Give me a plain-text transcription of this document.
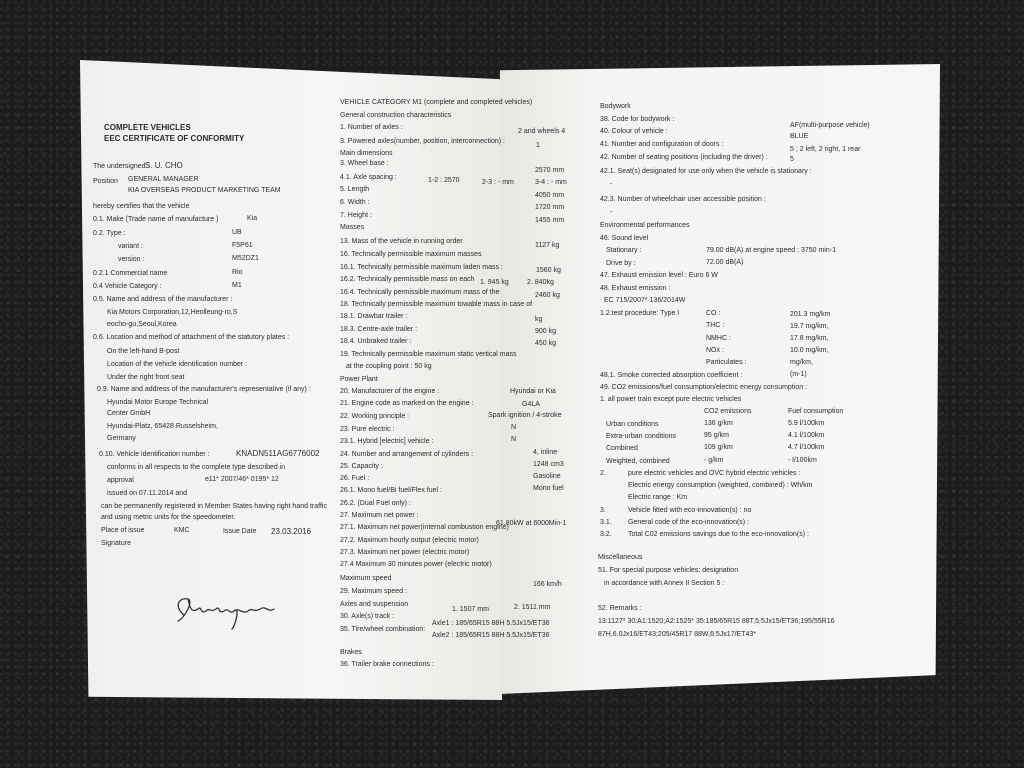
COMPLETE VEHICLES
EEC CERTIFICATE OF CONFORMITY
The undersigned S. U. CHO
Position GENERAL MANAGER
KIA OVERSEAS PRODUCT MARKETING TEAM
hereby certifies that the vehicle
0.1. Make (Trade name of manufacture )	Kia
0.2. Type :	UB
variant :	F5P61
version :	M52DZ1
0.2.1 Commercial name	Rio
0.4 Vehicle Category :	M1
0.5. Name and address of the manufacturer :
Kia Motors Corporation,12,Heolleung-ro,S
eocho-gu,Seoul,Korea
0.6. Location and method of attachment of the statutory plates :
On the left-hand B-post
Location of the vehicle identification number :
Under the right front seat
0.9. Name and address of the manufacturer's representative (if any) :
Hyundai Motor Europe Technical
Center GmbH
Hyundai-Platz, 65428 Russelsheim,
Germany
0.10. Vehicle identification number :	KNADN511AG6776002
conforms in all respects to the complete type described in
approval	e11* 2007/46* 0195* 12
issued on 07.11.2014 and
can be permanently registered in Member States having right hand traffic
and using metric units for the speedometer.
Place of issue	KMC	Issue Date 23.03.2016
Signature
VEHICLE CATEGORY M1 (complete and completed vehicles)
General construction characteristics
1. Number of axles :
2 and wheels 4
3. Powered axles(number, position, interconnection) :
1
Main dimensions
3. Wheel base :
2570 mm
4.1. Axle spacing :	1-2 : 2570	2-3 : - mm	3-4 : - mm
5. Length
4050 mm
6. Width :
1720 mm
7. Height :
1455 mm
Masses
13. Mass of the vehicle in running order
1127 kg
16. Technically permissible maximum masses
16.1. Technically permissible maximum laden mass :	1560 kg
16.2. Technically permissible mass on each 1. 945 kg	2. 840kg
16.4. Technically permissible maximum mass of the	2460 kg
18. Technically permissible maximum towable mass in case of
18.1. Drawbar trailer :	kg
18.3. Centre-axle trailer :	900 kg
18.4. Unbraked trailer :	450 kg
19. Technically permissible maximum static vertical mass
at the coupling point : 50 kg
Power Plant
20. Manufacturer of the engine :	Hyundai or Kia
21. Engine code as marked on the engine :	G4LA
22. Working principle :	Spark ignition / 4-stroke
23. Pure electric :	N
23.1. Hybrid [electric] vehicle :	N
24. Number and arrangement of cylinders :	4, inline
25. Capacity :	1248 cm3
26. Fuel :	Gasoline
26.1. Mono fuel/Bi fuel/Flex fuel :	Mono fuel
26.2. (Dual Fuel only) :
27. Maximum net power :
27.1. Maximum net power(internal combustion engine)
61.80kW at 6000Min-1
27.2. Maximum hourly output (electric motor)
27.3. Maximum net power (electric motor)
27.4 Maximum 30 minutes power (electric motor)
Maximum speed
29. Maximum speed :
166 km/h
Axles and suspension
30. Axle(s) track :
1. 1507 mm	2. 1511 mm
35. Tire/wheel combination:
Axle1 : 185/65R15 88H 5.5Jx15/ET36
Axle2 : 185/65R15 88H 5.5Jx15/ET36
Brakes
36. Trailer brake connections :
Bodywork
38. Code for bodywork :
AF(multi-purpose vehicle)
40. Colour of vehicle :
BLUE
41. Number and configuration of doors :
5 ; 2 left, 2 right, 1 rear
42. Number of seating positions (including the driver) :	5
42.1. Seat(s) designated for use only when the vehicle is stationary :
-
42.3. Number of wheelchair user accessible position :
-
Environmental performances
46. Sound level
Stationary :	79.00 dB(A) at engine speed : 3750 min-1
Drive by :	72.00 dB(A)
47. Exhaust emission level : Euro 6 W
48. Exhaust emission :
EC 715/2007* 136/2014W
1.2.test procedure: Type I	CO :	201.3 mg/km
THC :	19.7 mg/km,
NMHC :	17.8 mg/km,
NOx :	10.0 mg/km,
Particulates :	mg/km,
48.1. Smoke corrected absorption coefficient :	(m-1)
49. CO2 emissions/fuel consumption/electric energy consumption :
1. all power train except pure electric vehicles
CO2 emissions	Fuel consumption
Urban conditions	136 g/km	5.9 l/100km
Extra-urban conditions	95 g/km	4.1 l/100km
Combined	109 g/km	4.7 l/100km
Weighted, combined	- g/km	- l/100km
2.	pure electric vehicles and OVC hybrid electric vehicles :
Electric energy consumption (weighted, combined) : Wh/km
Electric range : Km
3.	Vehicle fitted with eco-innovation(s) : no
3.1. General code of the eco-innovation(s) :
3.2. Total C02 emissions savings due to the eco-innovation(s) :
Miscellaneous
51. For special purpose vehicles: designation
in accordance with Annex II Section 5 :
52. Remarks :
13:1127* 30:A1:1520;A2:1525* 35:185/65R15 88T,5.5Jx15/ET36;195/55R16
87H,6.0Jx16/ET43;205/45R17 88W,6.5Jx17/ET43*
